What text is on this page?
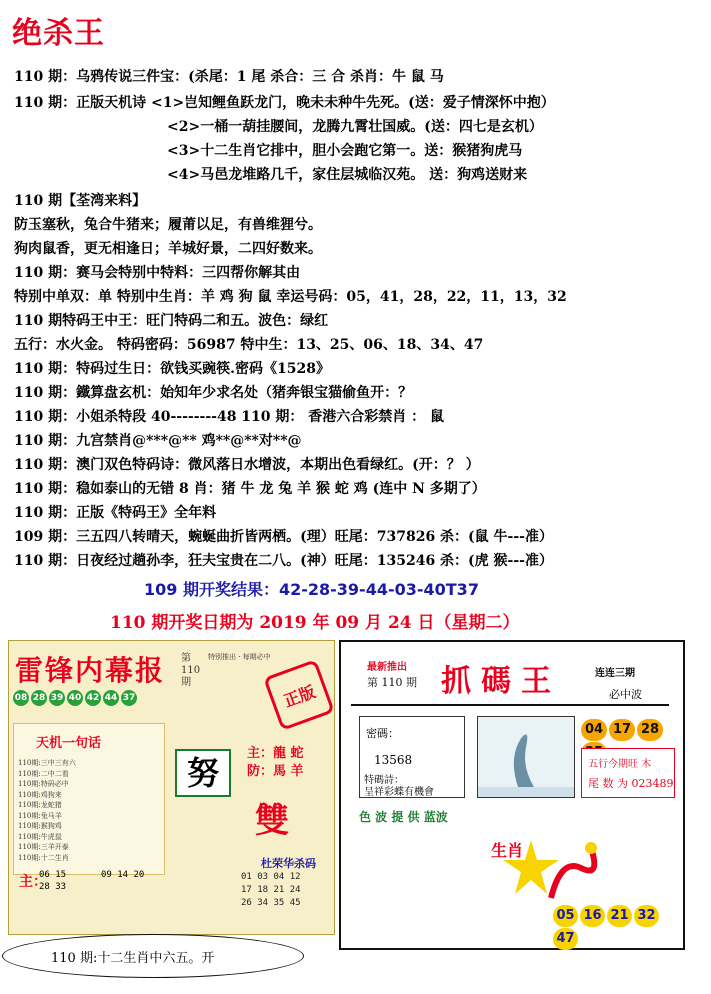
绝杀王
110 期：乌鸦传说三件宝：(杀尾：1 尾 杀合：三 合 杀肖：牛 鼠 马
110 期：正版天机诗 <1>岂知鲤鱼跃龙门，晚未未种牛先死。(送：爱子情深怀中抱）
<2>一桶一葫挂腰间，龙腾九霄壮国威。(送：四七是玄机）
<3>十二生肖它排中，胆小会跑它第一。送：猴猪狗虎马
<4>马邑龙堆路几千，家住层城临汉苑。 送：狗鸡送财来
110 期【荃湾来料】
防玉塞秋，兔合牛猪来；履莆以足，有兽维狸兮。
狗肉鼠香，更无相逢日；羊城好景，二四好数来。
110 期：赛马会特别中特料：三四帮你解其由
特别中单双：单 特别中生肖：羊 鸡 狗 鼠 幸运号码：05，41，28，22，11，13，32
110 期特码王中王：旺门特码二和五。波色：绿红
五行：水火金。 特码密码：56987 特中生：13、25、06、18、34、47
110 期：特码过生日：欲钱买豌筷.密码《1528》
110 期：鐵算盘玄机：始知年少求名处（猪奔银宝猫偷鱼开：？
110 期：小姐杀特段 40--------48 110 期： 香港六合彩禁肖 ： 鼠
110 期：九宫禁肖@***@** 鸡**@**对**@
110 期：澳门双色特码诗：微风落日水增波，本期出色看绿红。(开：？ ）
110 期：稳如泰山的无错 8 肖：猪 牛 龙 兔 羊 猴 蛇 鸡 (连中 N 多期了）
110 期：正版《特码王》全年料
109 期：三五四八转晴天，蜿蜒曲折皆两栖。(理）旺尾：737826 杀：(鼠 牛---准）
110 期：日夜经过趟孙李，狂夫宝贵在二八。(神）旺尾：135246 杀：(虎 猴---准）
109 期开奖结果：42-28-39-44-03-40T37
110 期开奖日期为 2019 年 09 月 24 日（星期二）
雷锋内幕报 第110期
特别推出 · 每期必中
正版
08 28 39 40 42 44 37
天机一句话
110期:三中三有六
110期:二中二看
110期:特码必中
110期:鸡狗来
110期:龙蛇猪
110期:兔马羊
110期:猴狗鸡
110期:牛虎鼠
110期:三羊开泰
110期:十二生肖
努
主：龍 蛇
防：馬 羊
雙
杜荣华杀码
01 03 04 12
17 18 21 24
26 34 35 45
主：
06 15
28 33
09 14 20
最新推出
第 110 期 抓碼王	连连三期
必中波
密碼：
13568
特碼詩：
呈祥彩蝶有機會
04 17 28
五行今期旺 木
尾 数 为 023489
色 波 提 供 蓝波
生肖
05 16 21 3247
110 期:十二生肖中六五。开
